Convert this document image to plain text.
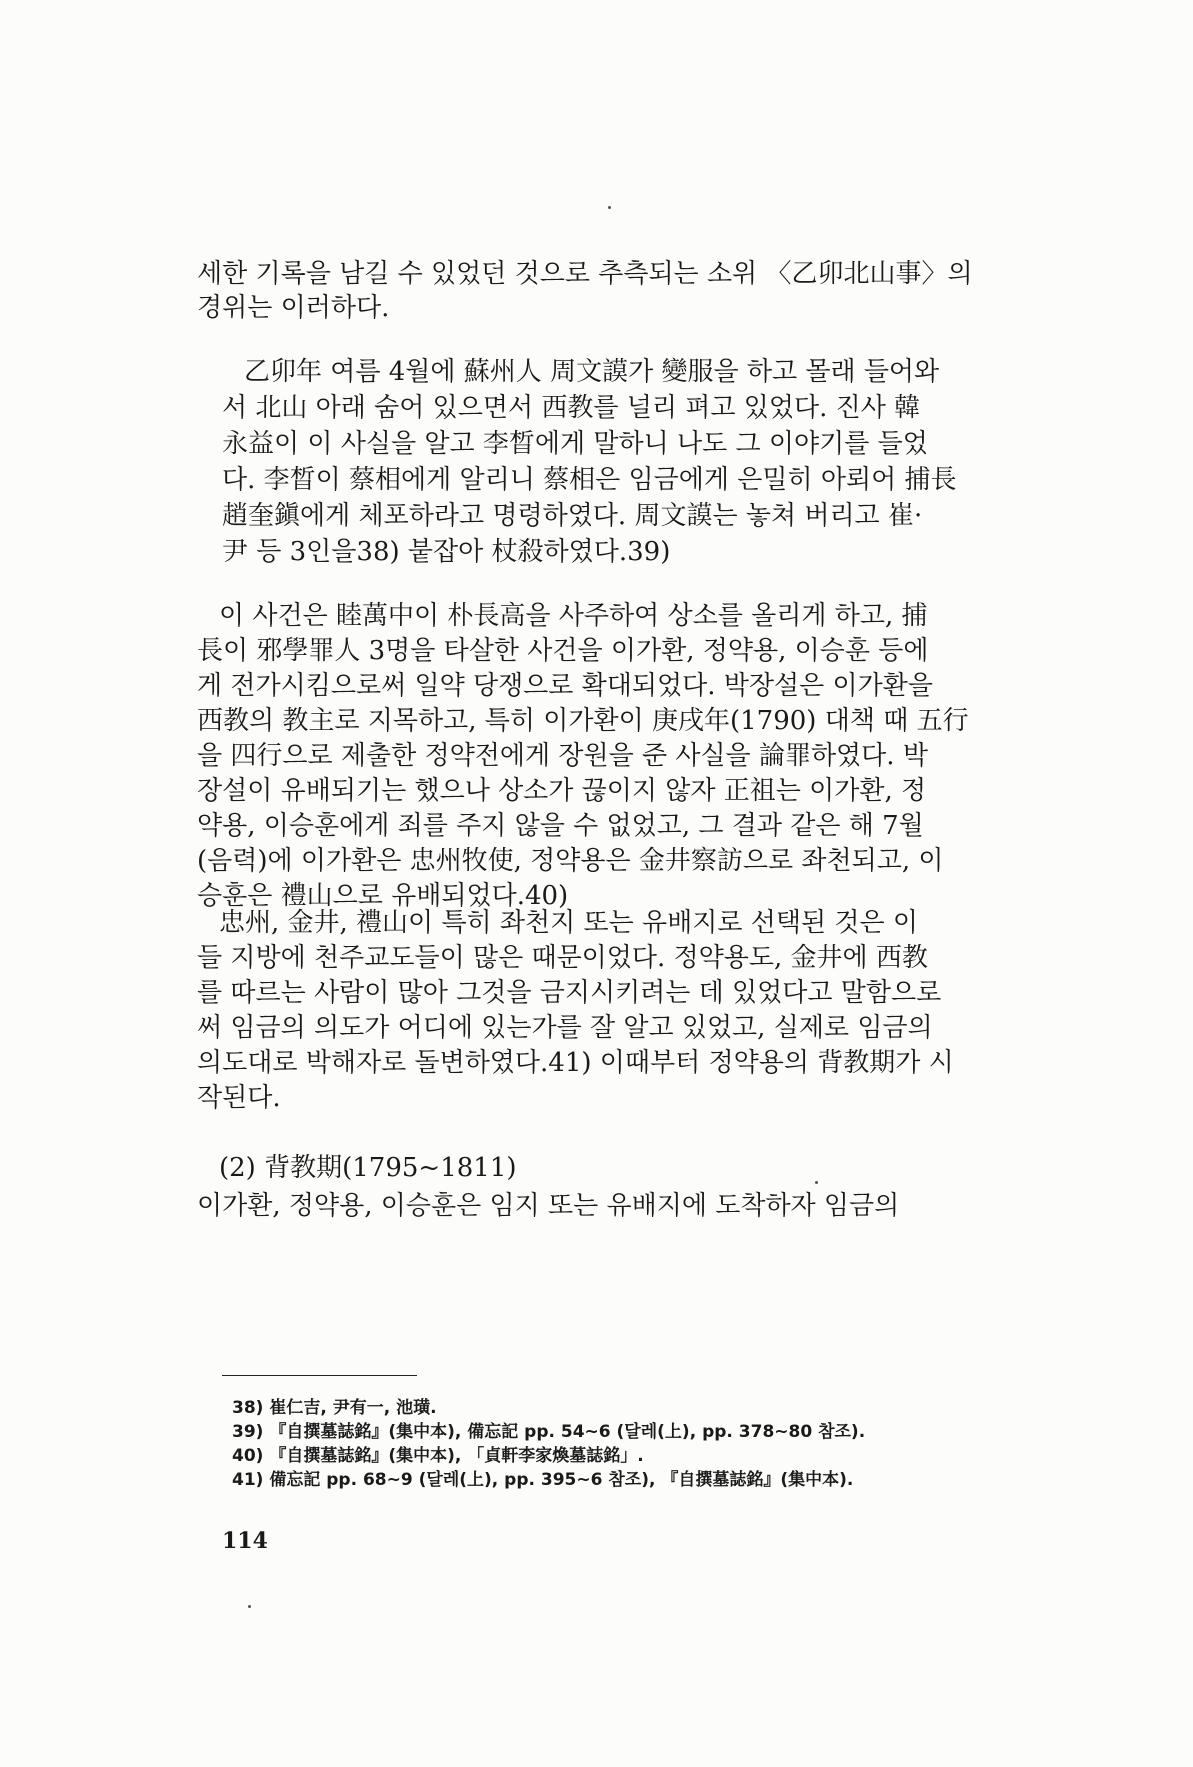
세한 기록을 남길 수 있었던 것으로 추측되는 소위 〈乙卯北山事〉의
경위는 이러하다.
乙卯年 여름 4월에 蘇州人 周文謨가 變服을 하고 몰래 들어와
서 北山 아래 숨어 있으면서 西教를 널리 펴고 있었다. 진사 韓
永益이 이 사실을 알고 李晳에게 말하니 나도 그 이야기를 들었
다. 李晳이 蔡相에게 알리니 蔡相은 임금에게 은밀히 아뢰어 捕長
趙奎鎭에게 체포하라고 명령하였다. 周文謨는 놓쳐 버리고 崔·
尹 등 3인을38) 붙잡아 杖殺하였다.39)
이 사건은 睦萬中이 朴長高을 사주하여 상소를 올리게 하고, 捕
長이 邪學罪人 3명을 타살한 사건을 이가환, 정약용, 이승훈 등에
게 전가시킴으로써 일약 당쟁으로 확대되었다. 박장설은 이가환을
西教의 教主로 지목하고, 특히 이가환이 庚戌年(1790) 대책 때 五行
을 四行으로 제출한 정약전에게 장원을 준 사실을 論罪하였다. 박
장설이 유배되기는 했으나 상소가 끊이지 않자 正祖는 이가환, 정
약용, 이승훈에게 죄를 주지 않을 수 없었고, 그 결과 같은 해 7월
(음력)에 이가환은 忠州牧使, 정약용은 金井察訪으로 좌천되고, 이
승훈은 禮山으로 유배되었다.40)
忠州, 金井, 禮山이 특히 좌천지 또는 유배지로 선택된 것은 이
들 지방에 천주교도들이 많은 때문이었다. 정약용도, 金井에 西教
를 따르는 사람이 많아 그것을 금지시키려는 데 있었다고 말함으로
써 임금의 의도가 어디에 있는가를 잘 알고 있었고, 실제로 임금의
의도대로 박해자로 돌변하였다.41) 이때부터 정약용의 背教期가 시
작된다.
(2) 背教期(1795~1811)
이가환, 정약용, 이승훈은 임지 또는 유배지에 도착하자 임금의
38) 崔仁吉, 尹有一, 池璜.
39) 『自撰墓誌銘』(集中本), 備忘記 pp. 54~6 (달레(上), pp. 378~80 참조).
40) 『自撰墓誌銘』(集中本), 「貞軒李家煥墓誌銘」.
41) 備忘記 pp. 68~9 (달레(上), pp. 395~6 참조), 『自撰墓誌銘』(集中本).
114
